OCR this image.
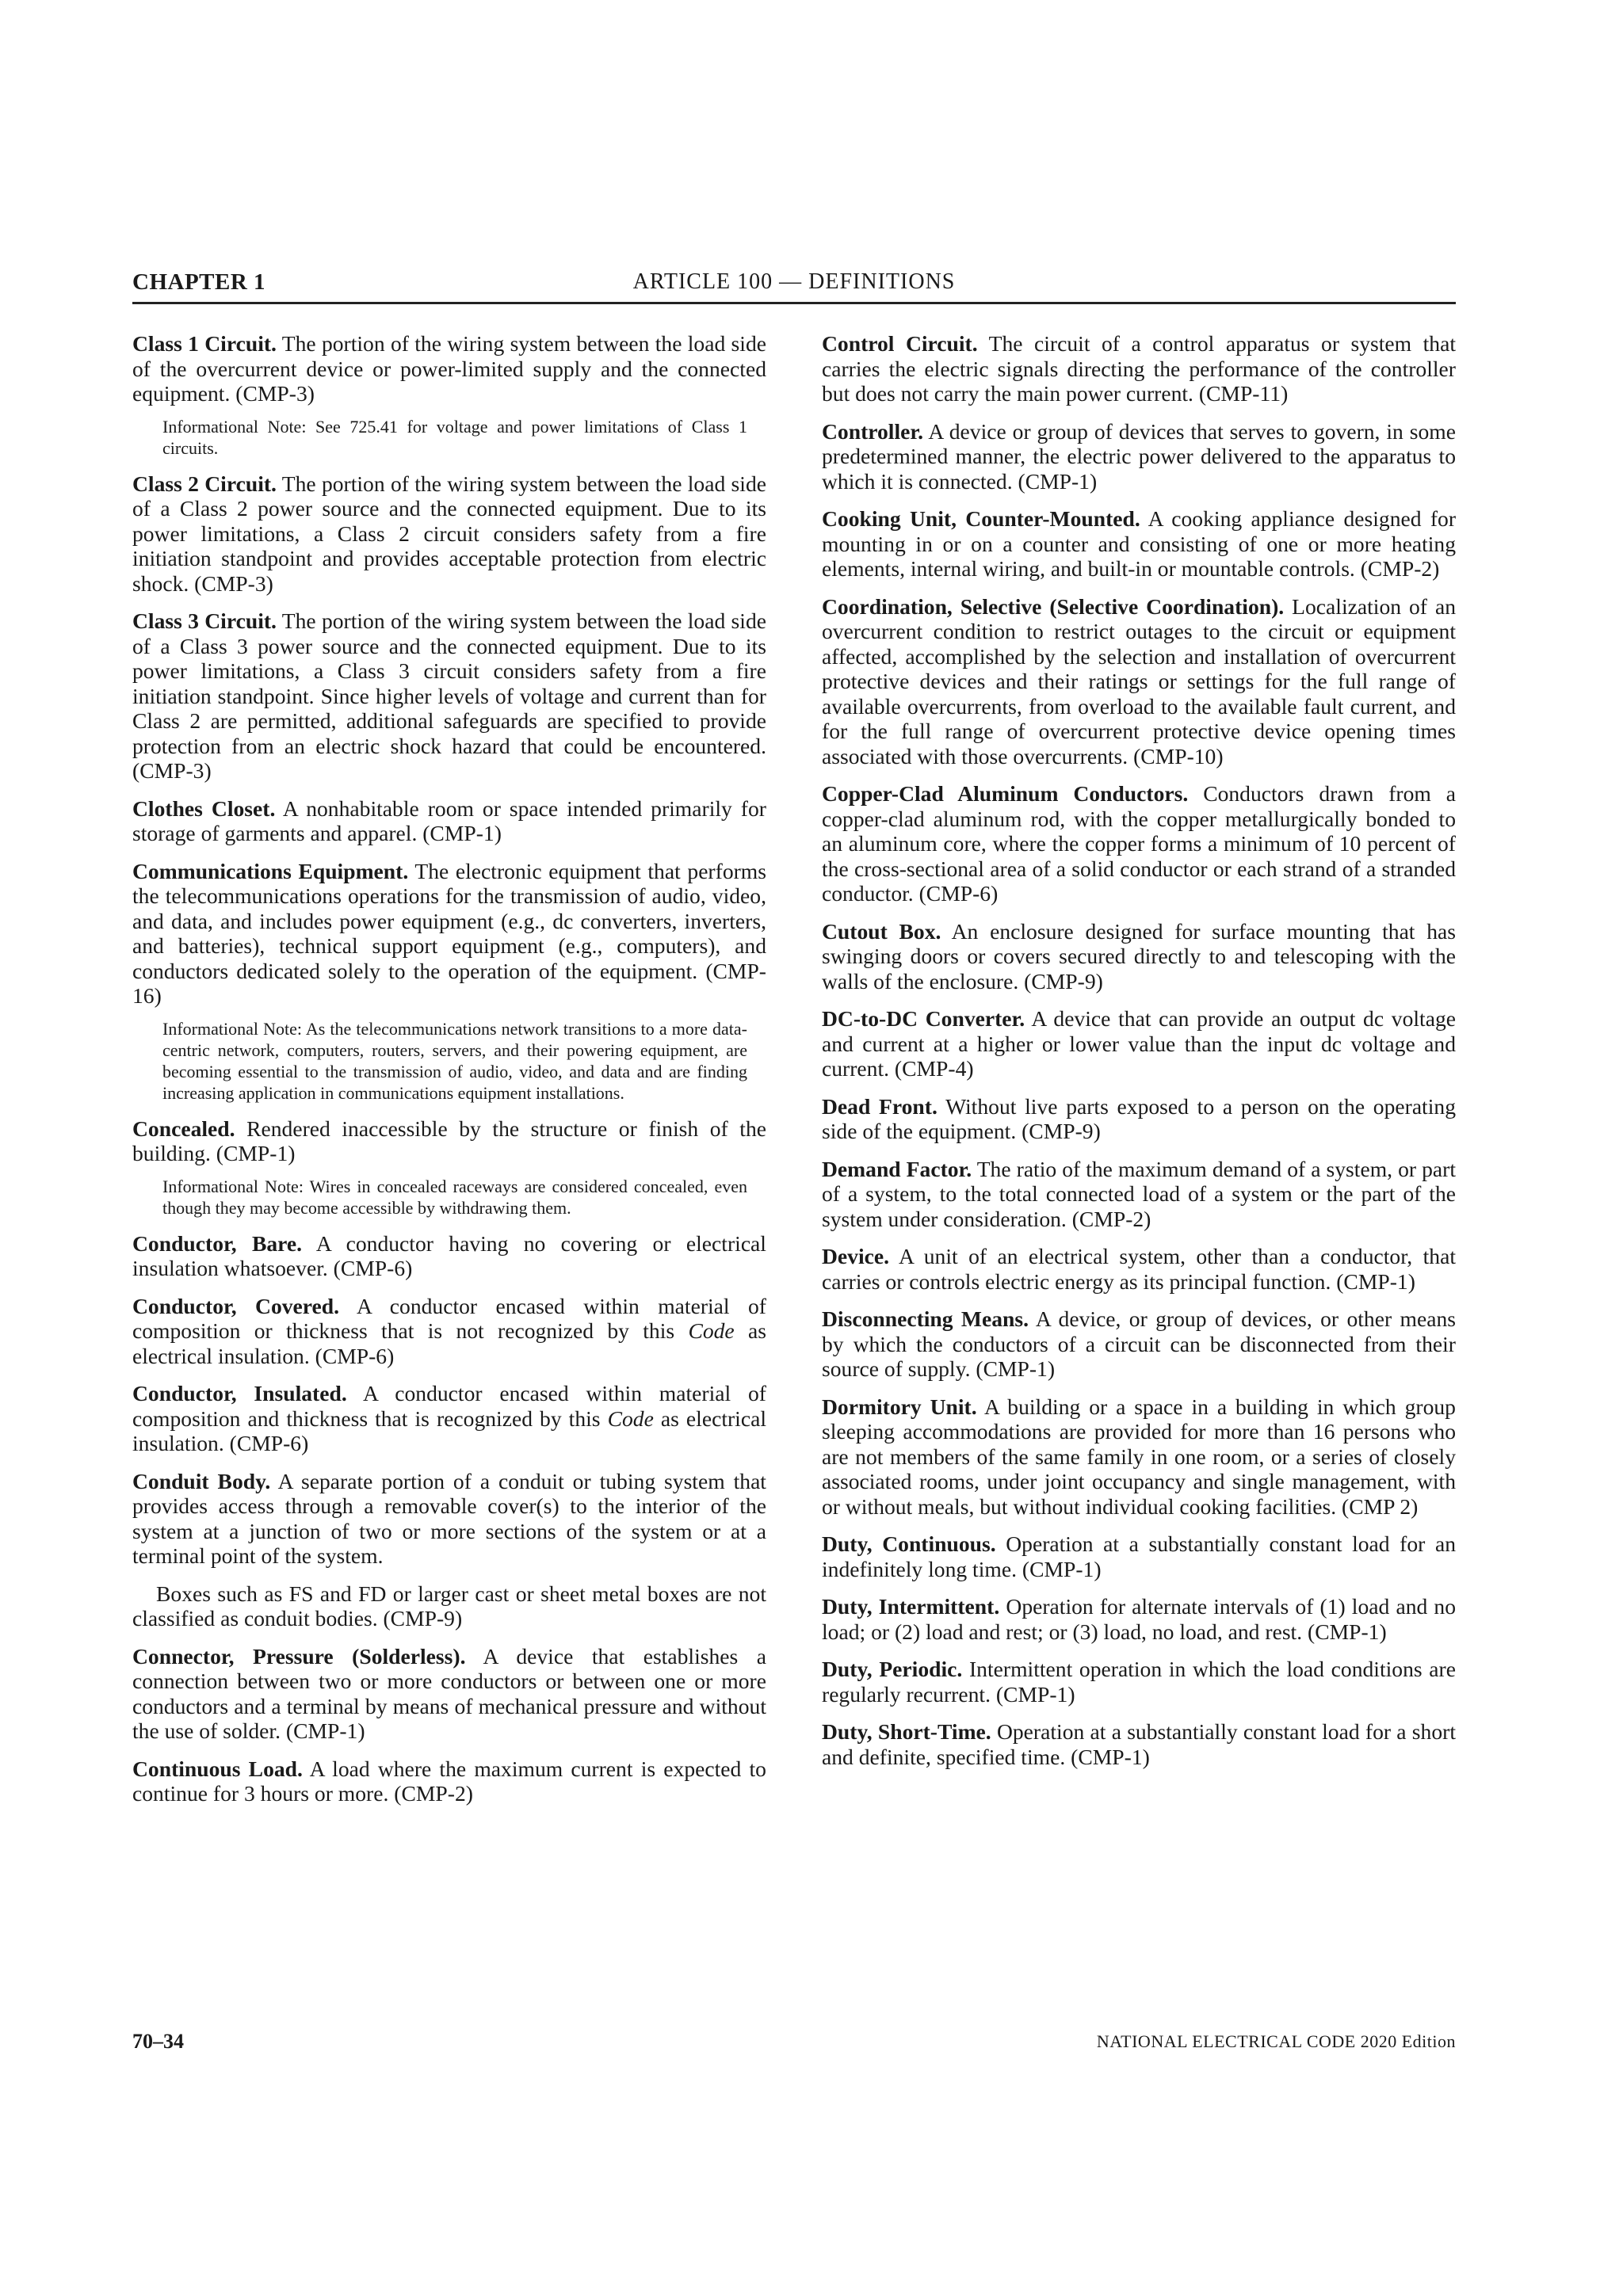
CHAPTER 1	ARTICLE 100 — DEFINITIONS

Class 1 Circuit. The portion of the wiring system between the load side of the overcurrent device or power-limited supply and the connected equipment. (CMP-3)

Informational Note: See 725.41 for voltage and power limitations of Class 1 circuits.

Class 2 Circuit. The portion of the wiring system between the load side of a Class 2 power source and the connected equipment. Due to its power limitations, a Class 2 circuit considers safety from a fire initiation standpoint and provides acceptable protection from electric shock. (CMP-3)

Class 3 Circuit. The portion of the wiring system between the load side of a Class 3 power source and the connected equipment. Due to its power limitations, a Class 3 circuit considers safety from a fire initiation standpoint. Since higher levels of voltage and current than for Class 2 are permitted, additional safeguards are specified to provide protection from an electric shock hazard that could be encountered. (CMP-3)

Clothes Closet. A nonhabitable room or space intended primarily for storage of garments and apparel. (CMP-1)

Communications Equipment. The electronic equipment that performs the telecommunications operations for the transmission of audio, video, and data, and includes power equipment (e.g., dc converters, inverters, and batteries), technical support equipment (e.g., computers), and conductors dedicated solely to the operation of the equipment. (CMP-16)

Informational Note: As the telecommunications network transitions to a more data-centric network, computers, routers, servers, and their powering equipment, are becoming essential to the transmission of audio, video, and data and are finding increasing application in communications equipment installations.

Concealed. Rendered inaccessible by the structure or finish of the building. (CMP-1)

Informational Note: Wires in concealed raceways are considered concealed, even though they may become accessible by withdrawing them.

Conductor, Bare. A conductor having no covering or electrical insulation whatsoever. (CMP-6)

Conductor, Covered. A conductor encased within material of composition or thickness that is not recognized by this Code as electrical insulation. (CMP-6)

Conductor, Insulated. A conductor encased within material of composition and thickness that is recognized by this Code as electrical insulation. (CMP-6)

Conduit Body. A separate portion of a conduit or tubing system that provides access through a removable cover(s) to the interior of the system at a junction of two or more sections of the system or at a terminal point of the system.

Boxes such as FS and FD or larger cast or sheet metal boxes are not classified as conduit bodies. (CMP-9)

Connector, Pressure (Solderless). A device that establishes a connection between two or more conductors or between one or more conductors and a terminal by means of mechanical pressure and without the use of solder. (CMP-1)

Continuous Load. A load where the maximum current is expected to continue for 3 hours or more. (CMP-2)

Control Circuit. The circuit of a control apparatus or system that carries the electric signals directing the performance of the controller but does not carry the main power current. (CMP-11)

Controller. A device or group of devices that serves to govern, in some predetermined manner, the electric power delivered to the apparatus to which it is connected. (CMP-1)

Cooking Unit, Counter-Mounted. A cooking appliance designed for mounting in or on a counter and consisting of one or more heating elements, internal wiring, and built-in or mountable controls. (CMP-2)

Coordination, Selective (Selective Coordination). Localization of an overcurrent condition to restrict outages to the circuit or equipment affected, accomplished by the selection and installation of overcurrent protective devices and their ratings or settings for the full range of available overcurrents, from overload to the available fault current, and for the full range of overcurrent protective device opening times associated with those overcurrents. (CMP-10)

Copper-Clad Aluminum Conductors. Conductors drawn from a copper-clad aluminum rod, with the copper metallurgically bonded to an aluminum core, where the copper forms a minimum of 10 percent of the cross-sectional area of a solid conductor or each strand of a stranded conductor. (CMP-6)

Cutout Box. An enclosure designed for surface mounting that has swinging doors or covers secured directly to and telescoping with the walls of the enclosure. (CMP-9)

DC-to-DC Converter. A device that can provide an output dc voltage and current at a higher or lower value than the input dc voltage and current. (CMP-4)

Dead Front. Without live parts exposed to a person on the operating side of the equipment. (CMP-9)

Demand Factor. The ratio of the maximum demand of a system, or part of a system, to the total connected load of a system or the part of the system under consideration. (CMP-2)

Device. A unit of an electrical system, other than a conductor, that carries or controls electric energy as its principal function. (CMP-1)

Disconnecting Means. A device, or group of devices, or other means by which the conductors of a circuit can be disconnected from their source of supply. (CMP-1)

Dormitory Unit. A building or a space in a building in which group sleeping accommodations are provided for more than 16 persons who are not members of the same family in one room, or a series of closely associated rooms, under joint occupancy and single management, with or without meals, but without individual cooking facilities. (CMP 2)

Duty, Continuous. Operation at a substantially constant load for an indefinitely long time. (CMP-1)

Duty, Intermittent. Operation for alternate intervals of (1) load and no load; or (2) load and rest; or (3) load, no load, and rest. (CMP-1)

Duty, Periodic. Intermittent operation in which the load conditions are regularly recurrent. (CMP-1)

Duty, Short-Time. Operation at a substantially constant load for a short and definite, specified time. (CMP-1)

70–34	NATIONAL ELECTRICAL CODE 2020 Edition
